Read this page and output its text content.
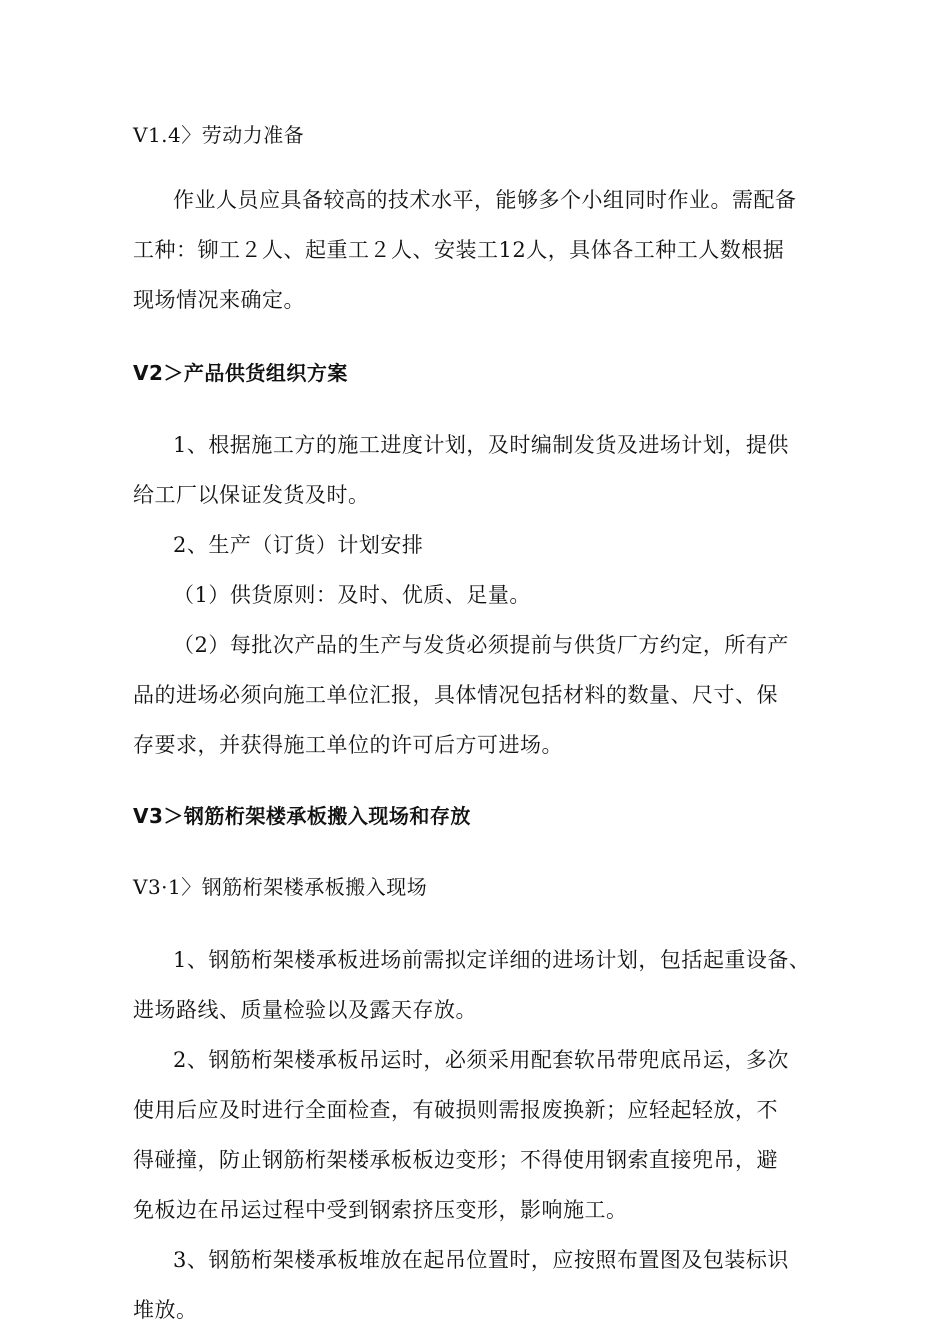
V1.4〉劳动力准备
作业人员应具备较高的技术水平，能够多个小组同时作业。需配备
工种：铆工２人、起重工２人、安装工12人，具体各工种工人数根据
现场情况来确定。
V2＞产品供货组织方案
1、根据施工方的施工进度计划，及时编制发货及进场计划，提供
给工厂以保证发货及时。
2、生产（订货）计划安排
（1）供货原则：及时、优质、足量。
（2）每批次产品的生产与发货必须提前与供货厂方约定，所有产
品的进场必须向施工单位汇报，具体情况包括材料的数量、尺寸、保
存要求，并获得施工单位的许可后方可进场。
V3＞钢筋桁架楼承板搬入现场和存放
V3·1〉钢筋桁架楼承板搬入现场
1、钢筋桁架楼承板进场前需拟定详细的进场计划，包括起重设备、
进场路线、质量检验以及露天存放。
2、钢筋桁架楼承板吊运时，必须采用配套软吊带兜底吊运，多次
使用后应及时进行全面检查，有破损则需报废换新；应轻起轻放，不
得碰撞，防止钢筋桁架楼承板板边变形；不得使用钢索直接兜吊，避
免板边在吊运过程中受到钢索挤压变形，影响施工。
3、钢筋桁架楼承板堆放在起吊位置时，应按照布置图及包装标识
堆放。
